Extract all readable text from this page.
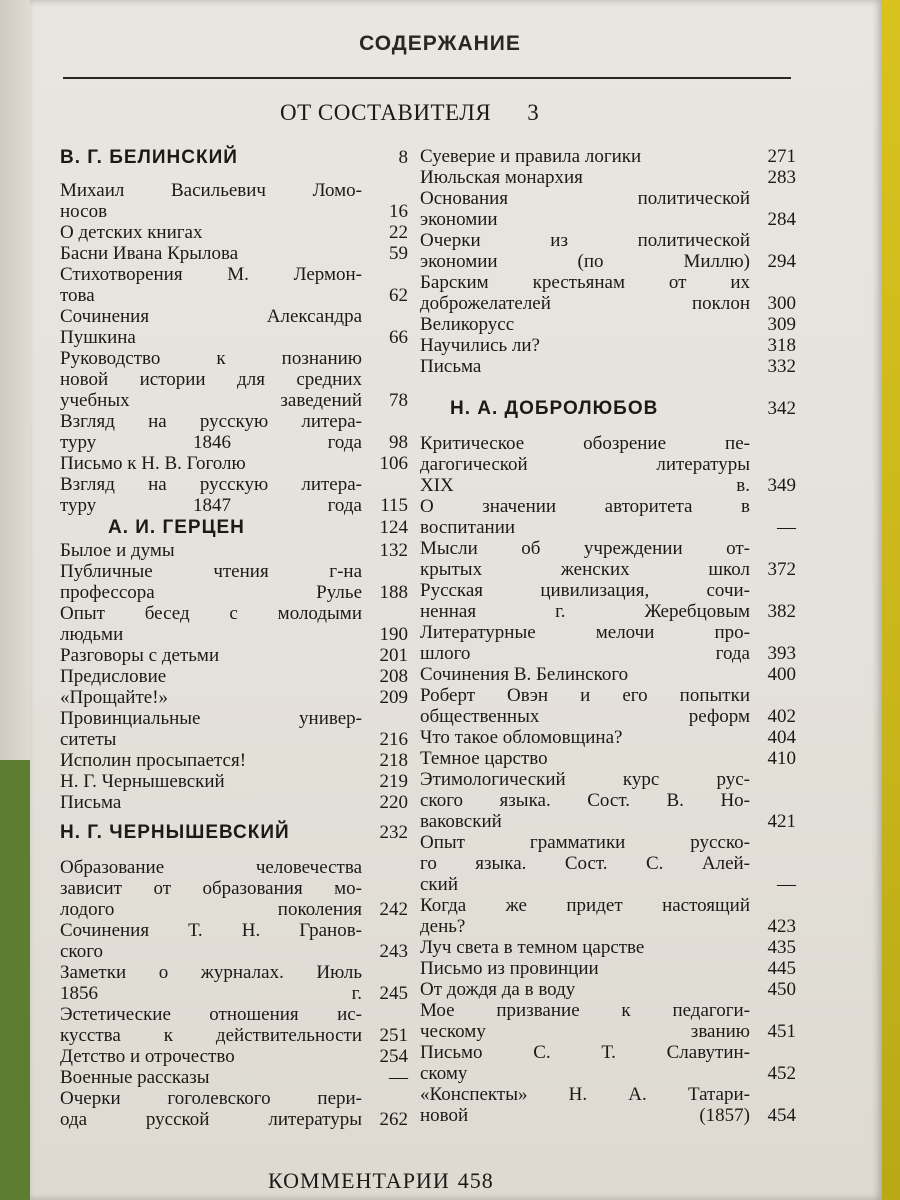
СОДЕРЖАНИЕ
ОТ СОСТАВИТЕЛЯ 3
В. Г. БЕЛИНСКИЙ	8
Михаил Васильевич Ломо-
носов	16
О детских книгах	22
Басни Ивана Крылова	59
Стихотворения М. Лермон-
това	62
Сочинения Александра
Пушкина	66
Руководство к познанию
новой истории для средних
учебных заведений	78
Взгляд на русскую литера-
туру 1846 года	98
Письмо к Н. В. Гоголю	106
Взгляд на русскую литера-
туру 1847 года 115
А. И. ГЕРЦЕН	124
Былое и думы	132
Публичные чтения г-на
профессора Рулье 188
Опыт бесед с молодыми
людьми	190
Разговоры с детьми	201
Предисловие	208
«Прощайте!»	209
Провинциальные универ-
ситеты	216
Исполин просыпается!	218
Н. Г. Чернышевский	219
Письма	220
Н. Г. ЧЕРНЫШЕВСКИЙ	232
Образование человечества
зависит от образования мо-
лодого поколения 242
Сочинения Т. Н. Гранов-
ского	243
Заметки о журналах. Июль
1856 г. 245
Эстетические отношения ис-
кусства к действительности 251
Детство и отрочество	254
Военные рассказы	—
Очерки гоголевского пери-
ода русской литературы 262
Суеверие и правила логики	271
Июльская монархия	283
Основания политической
экономии	284
Очерки из политической
экономии (по Миллю) 294
Барским крестьянам от их
доброжелателей поклон 300
Великорусс	309
Научились ли?	318
Письма	332
Н. А. ДОБРОЛЮБОВ	342
Критическое обозрение пе-
дагогической литературы
XIX в. 349
О значении авторитета в
воспитании	—
Мысли об учреждении от-
крытых женских школ 372
Русская цивилизация, сочи-
ненная г. Жеребцовым 382
Литературные мелочи про-
шлого года 393
Сочинения В. Белинского	400
Роберт Овэн и его попытки
общественных реформ 402
Что такое обломовщина?	404
Темное царство	410
Этимологический курс рус-
ского языка. Сост. В. Но-
ваковский	421
Опыт грамматики русско-
го языка. Сост. С. Алей-
ский	—
Когда же придет настоящий
день?	423
Луч света в темном царстве	435
Письмо из провинции	445
От дождя да в воду	450
Мое призвание к педагоги-
ческому званию 451
Письмо С. Т. Славутин-
скому	452
«Конспекты» Н. А. Татари-
новой (1857) 454
КОММЕНТАРИИ 458
